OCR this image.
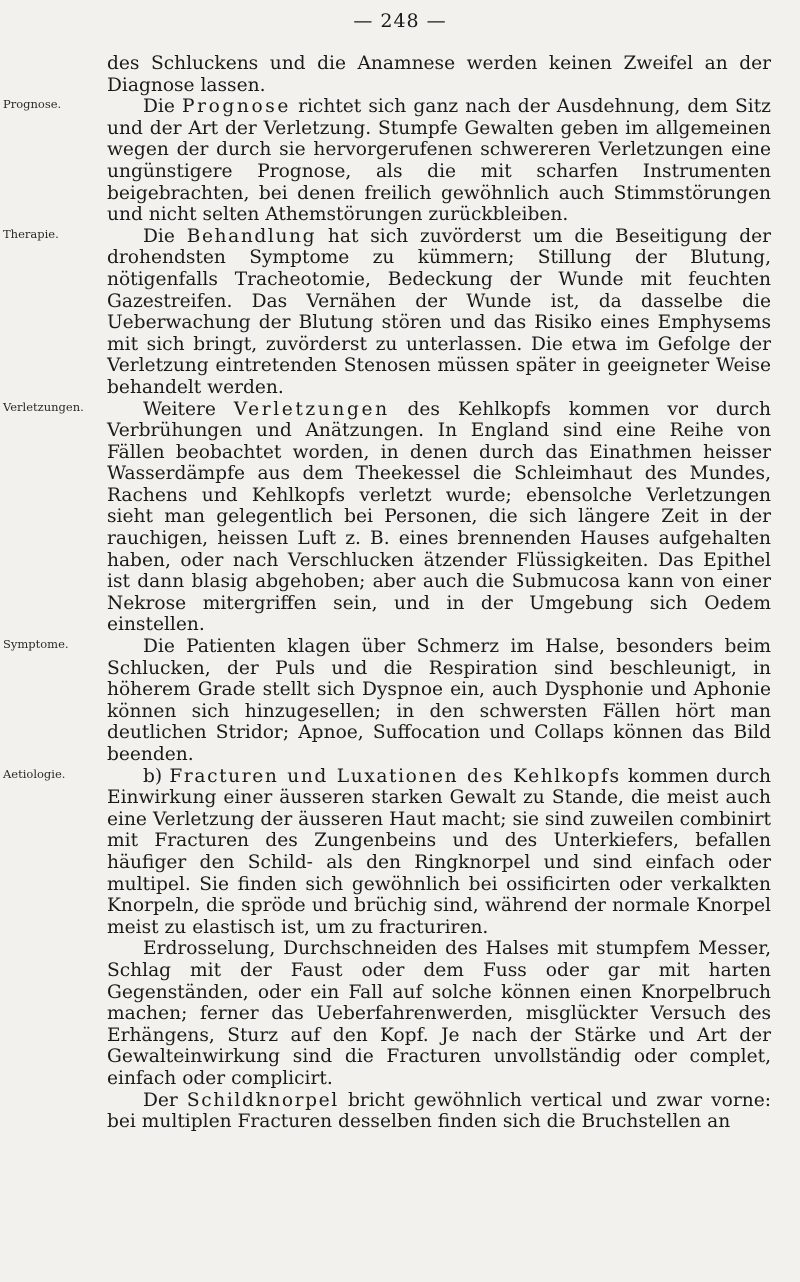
— 248 —

des Schluckens und die Anamnese werden keinen Zweifel an der Diagnose lassen.

Prognose.	Die Prognose richtet sich ganz nach der Ausdehnung, dem Sitz und der Art der Verletzung. Stumpfe Gewalten geben im allgemeinen wegen der durch sie hervorgerufenen schwereren Verletzungen eine ungünstigere Prognose, als die mit scharfen Instrumenten beigebrachten, bei denen freilich gewöhnlich auch Stimmstörungen und nicht selten Athemstörungen zurückbleiben.

Therapie.	Die Behandlung hat sich zuvörderst um die Beseitigung der drohendsten Symptome zu kümmern; Stillung der Blutung, nötigenfalls Tracheotomie, Bedeckung der Wunde mit feuchten Gazestreifen. Das Vernähen der Wunde ist, da dasselbe die Ueberwachung der Blutung stören und das Risiko eines Emphysems mit sich bringt, zuvörderst zu unterlassen. Die etwa im Gefolge der Verletzung eintretenden Stenosen müssen später in geeigneter Weise behandelt werden.

Verletzungen.	Weitere Verletzungen des Kehlkopfs kommen vor durch Verbrühungen und Anätzungen. In England sind eine Reihe von Fällen beobachtet worden, in denen durch das Einathmen heisser Wasserdämpfe aus dem Theekessel die Schleimhaut des Mundes, Rachens und Kehlkopfs verletzt wurde; ebensolche Verletzungen sieht man gelegentlich bei Personen, die sich längere Zeit in der rauchigen, heissen Luft z. B. eines brennenden Hauses aufgehalten haben, oder nach Verschlucken ätzender Flüssigkeiten. Das Epithel ist dann blasig abgehoben; aber auch die Submucosa kann von einer Nekrose mitergriffen sein, und in der Umgebung sich Oedem einstellen.

Symptome.	Die Patienten klagen über Schmerz im Halse, besonders beim Schlucken, der Puls und die Respiration sind beschleunigt, in höherem Grade stellt sich Dyspnoe ein, auch Dysphonie und Aphonie können sich hinzugesellen; in den schwersten Fällen hört man deutlichen Stridor; Apnoe, Suffocation und Collaps können das Bild beenden.

Aetiologie.	b) Fracturen und Luxationen des Kehlkopfs kommen durch Einwirkung einer äusseren starken Gewalt zu Stande, die meist auch eine Verletzung der äusseren Haut macht; sie sind zuweilen combinirt mit Fracturen des Zungenbeins und des Unterkiefers, befallen häufiger den Schild- als den Ringknorpel und sind einfach oder multipel. Sie finden sich gewöhnlich bei ossificirten oder verkalkten Knorpeln, die spröde und brüchig sind, während der normale Knorpel meist zu elastisch ist, um zu fracturiren.

Erdrosselung, Durchschneiden des Halses mit stumpfem Messer, Schlag mit der Faust oder dem Fuss oder gar mit harten Gegenständen, oder ein Fall auf solche können einen Knorpelbruch machen; ferner das Ueberfahrenwerden, misglückter Versuch des Erhängens, Sturz auf den Kopf. Je nach der Stärke und Art der Gewalteinwirkung sind die Fracturen unvollständig oder complet, einfach oder complicirt.

Der Schildknorpel bricht gewöhnlich vertical und zwar vorne: bei multiplen Fracturen desselben finden sich die Bruchstellen an
